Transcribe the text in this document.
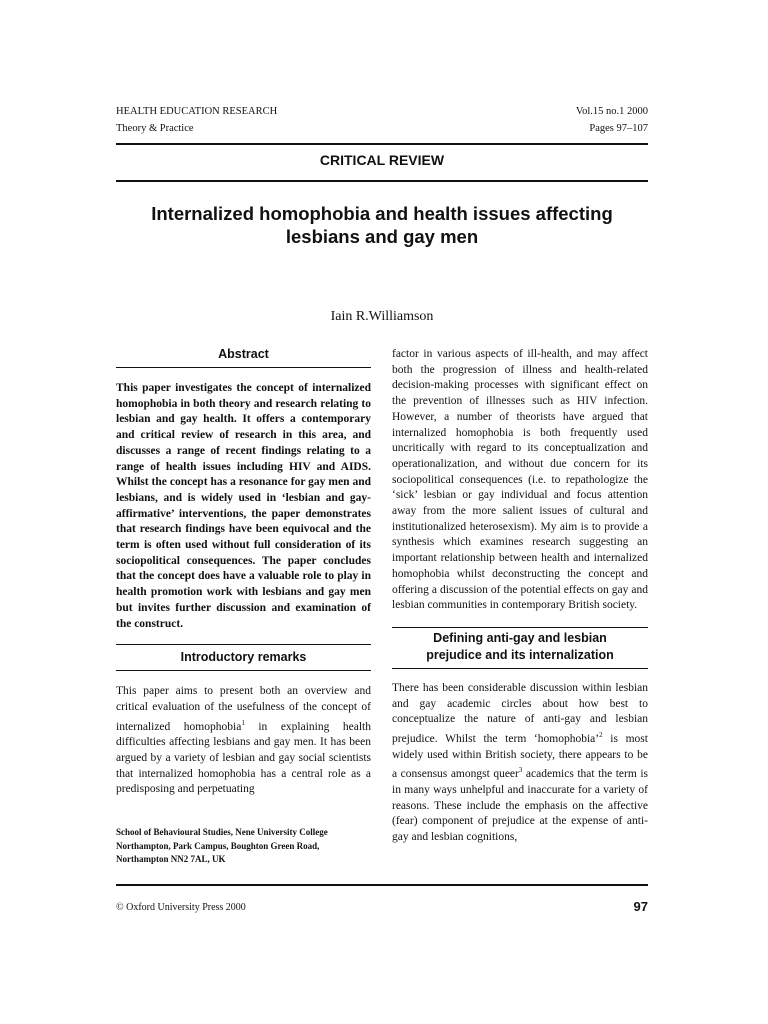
HEALTH EDUCATION RESEARCH
Theory & Practice
Vol.15 no.1 2000
Pages 97–107
CRITICAL REVIEW
Internalized homophobia and health issues affecting
lesbians and gay men
Iain R.Williamson
Abstract

This paper investigates the concept of internalized homophobia in both theory and research relating to lesbian and gay health. It offers a contemporary and critical review of research in this area, and discusses a range of recent findings relating to a range of health issues including HIV and AIDS. Whilst the concept has a resonance for gay men and lesbians, and is widely used in ‘lesbian and gay-affirmative’ interventions, the paper demonstrates that research findings have been equivocal and the term is often used without full consideration of its sociopolitical consequences. The paper concludes that the concept does have a valuable role to play in health promotion work with lesbians and gay men but invites further discussion and examination of the construct.

Introductory remarks

This paper aims to present both an overview and critical evaluation of the usefulness of the concept of internalized homophobia$^1$ in explaining health difficulties affecting lesbians and gay men. It has been argued by a variety of lesbian and gay social scientists that internalized homophobia has a central role as a predisposing and perpetuating

School of Behavioural Studies, Nene University College

Northampton, Park Campus, Boughton Green Road,

Northampton NN2 7AL, UK

factor in various aspects of ill-health, and may affect both the progression of illness and health-related decision-making processes with significant effect on the prevention of illnesses such as HIV infection. However, a number of theorists have argued that internalized homophobia is both frequently used uncritically with regard to its conceptualization and operationalization, and without due concern for its sociopolitical consequences (i.e. to repathologize the ‘sick’ lesbian or gay individual and focus attention away from the more salient issues of cultural and institutionalized heterosexism). My aim is to provide a synthesis which examines research suggesting an important relationship between health and internalized homophobia whilst deconstructing the concept and offering a discussion of the potential effects on gay and lesbian communities in contemporary British society.

Defining anti-gay and lesbian
prejudice and its internalization

There has been considerable discussion within lesbian and gay academic circles about how best to conceptualize the nature of anti-gay and lesbian prejudice. Whilst the term ‘homophobia’$^2$ is most widely used within British society, there appears to be a consensus amongst queer$^3$ academics that the term is in many ways unhelpful and inaccurate for a variety of reasons. These include the emphasis on the affective (fear) component of prejudice at the expense of anti-gay and lesbian cognitions,

© Oxford University Press 2000	97
